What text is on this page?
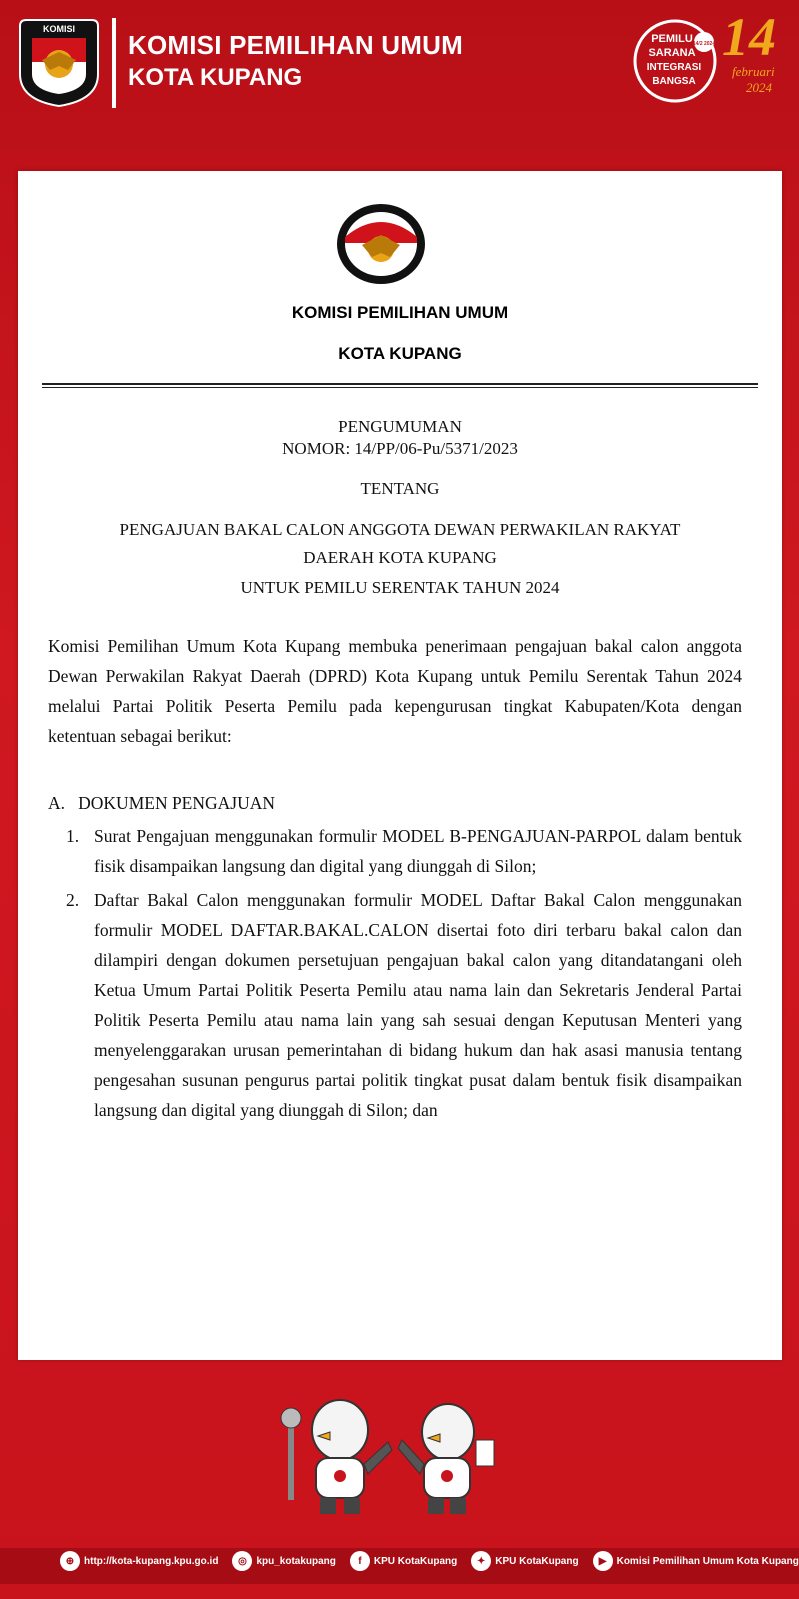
KOMISI
KOMISI PEMILIHAN UMUM
KOTA KUPANG
PEMILU
SARANA
INTEGRASI
BANGSA
14/2 2024 14
februari
2024
KOMISI PEMILIHAN UMUM
KOTA KUPANG
PENGUMUMAN
NOMOR: 14/PP/06-Pu/5371/2023
TENTANG
PENGAJUAN BAKAL CALON ANGGOTA DEWAN PERWAKILAN RAKYAT
DAERAH KOTA KUPANG
UNTUK PEMILU SERENTAK TAHUN 2024
Komisi Pemilihan Umum Kota Kupang membuka penerimaan pengajuan bakal calon anggota Dewan Perwakilan Rakyat Daerah (DPRD) Kota Kupang untuk Pemilu Serentak Tahun 2024 melalui Partai Politik Peserta Pemilu pada kepengurusan tingkat Kabupaten/Kota dengan ketentuan sebagai berikut:
A.   DOKUMEN PENGAJUAN
1. Surat Pengajuan menggunakan formulir MODEL B-PENGAJUAN-PARPOL dalam bentuk fisik disampaikan langsung dan digital yang diunggah di Silon;
2. Daftar Bakal Calon menggunakan formulir MODEL Daftar Bakal Calon menggunakan formulir MODEL DAFTAR.BAKAL.CALON disertai foto diri terbaru bakal calon dan dilampiri dengan dokumen persetujuan pengajuan bakal calon yang ditandatangani oleh Ketua Umum Partai Politik Peserta Pemilu atau nama lain dan Sekretaris Jenderal Partai Politik Peserta Pemilu atau nama lain yang sah sesuai dengan Keputusan Menteri yang menyelenggarakan urusan pemerintahan di bidang hukum dan hak asasi manusia tentang pengesahan susunan pengurus partai politik tingkat pusat dalam bentuk fisik disampaikan langsung dan digital yang diunggah di Silon; dan
⊕ http://kota-kupang.kpu.go.id	◎ kpu_kotakupang	f	KPU KotaKupang	✦ KPU KotaKupang	▶	Komisi Pemilihan Umum Kota Kupang
